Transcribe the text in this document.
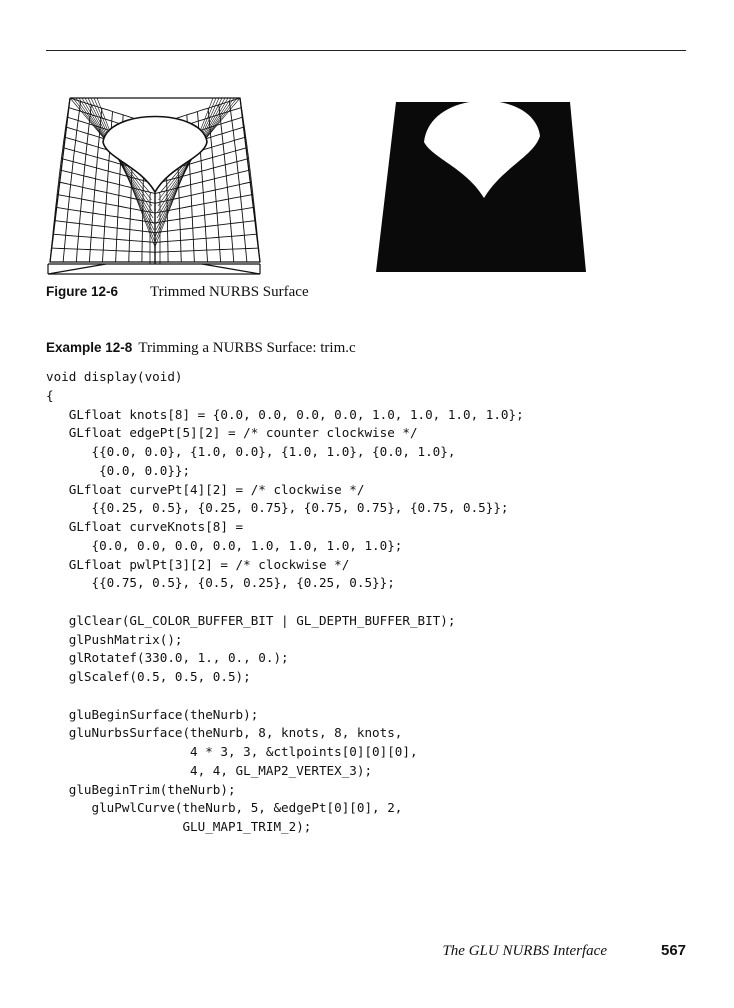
Figure 12-6 Trimmed NURBS Surface
Example 12-8 Trimming a NURBS Surface: trim.c
void display(void)
{
GLfloat knots[8] = {0.0, 0.0, 0.0, 0.0, 1.0, 1.0, 1.0, 1.0};
GLfloat edgePt[5][2] = /* counter clockwise */
{{0.0, 0.0}, {1.0, 0.0}, {1.0, 1.0}, {0.0, 1.0},
{0.0, 0.0}};
GLfloat curvePt[4][2] = /* clockwise */
{{0.25, 0.5}, {0.25, 0.75}, {0.75, 0.75}, {0.75, 0.5}};
GLfloat curveKnots[8] =
{0.0, 0.0, 0.0, 0.0, 1.0, 1.0, 1.0, 1.0};
GLfloat pwlPt[3][2] = /* clockwise */
{{0.75, 0.5}, {0.5, 0.25}, {0.25, 0.5}};
glClear(GL_COLOR_BUFFER_BIT | GL_DEPTH_BUFFER_BIT);
glPushMatrix();
glRotatef(330.0, 1., 0., 0.);
glScalef(0.5, 0.5, 0.5);
gluBeginSurface(theNurb);
gluNurbsSurface(theNurb, 8, knots, 8, knots,
4 * 3, 3, &ctlpoints[0][0][0],
4, 4, GL_MAP2_VERTEX_3);
gluBeginTrim(theNurb);
gluPwlCurve(theNurb, 5, &edgePt[0][0], 2,
GLU_MAP1_TRIM_2);
The GLU NURBS Interface	567
